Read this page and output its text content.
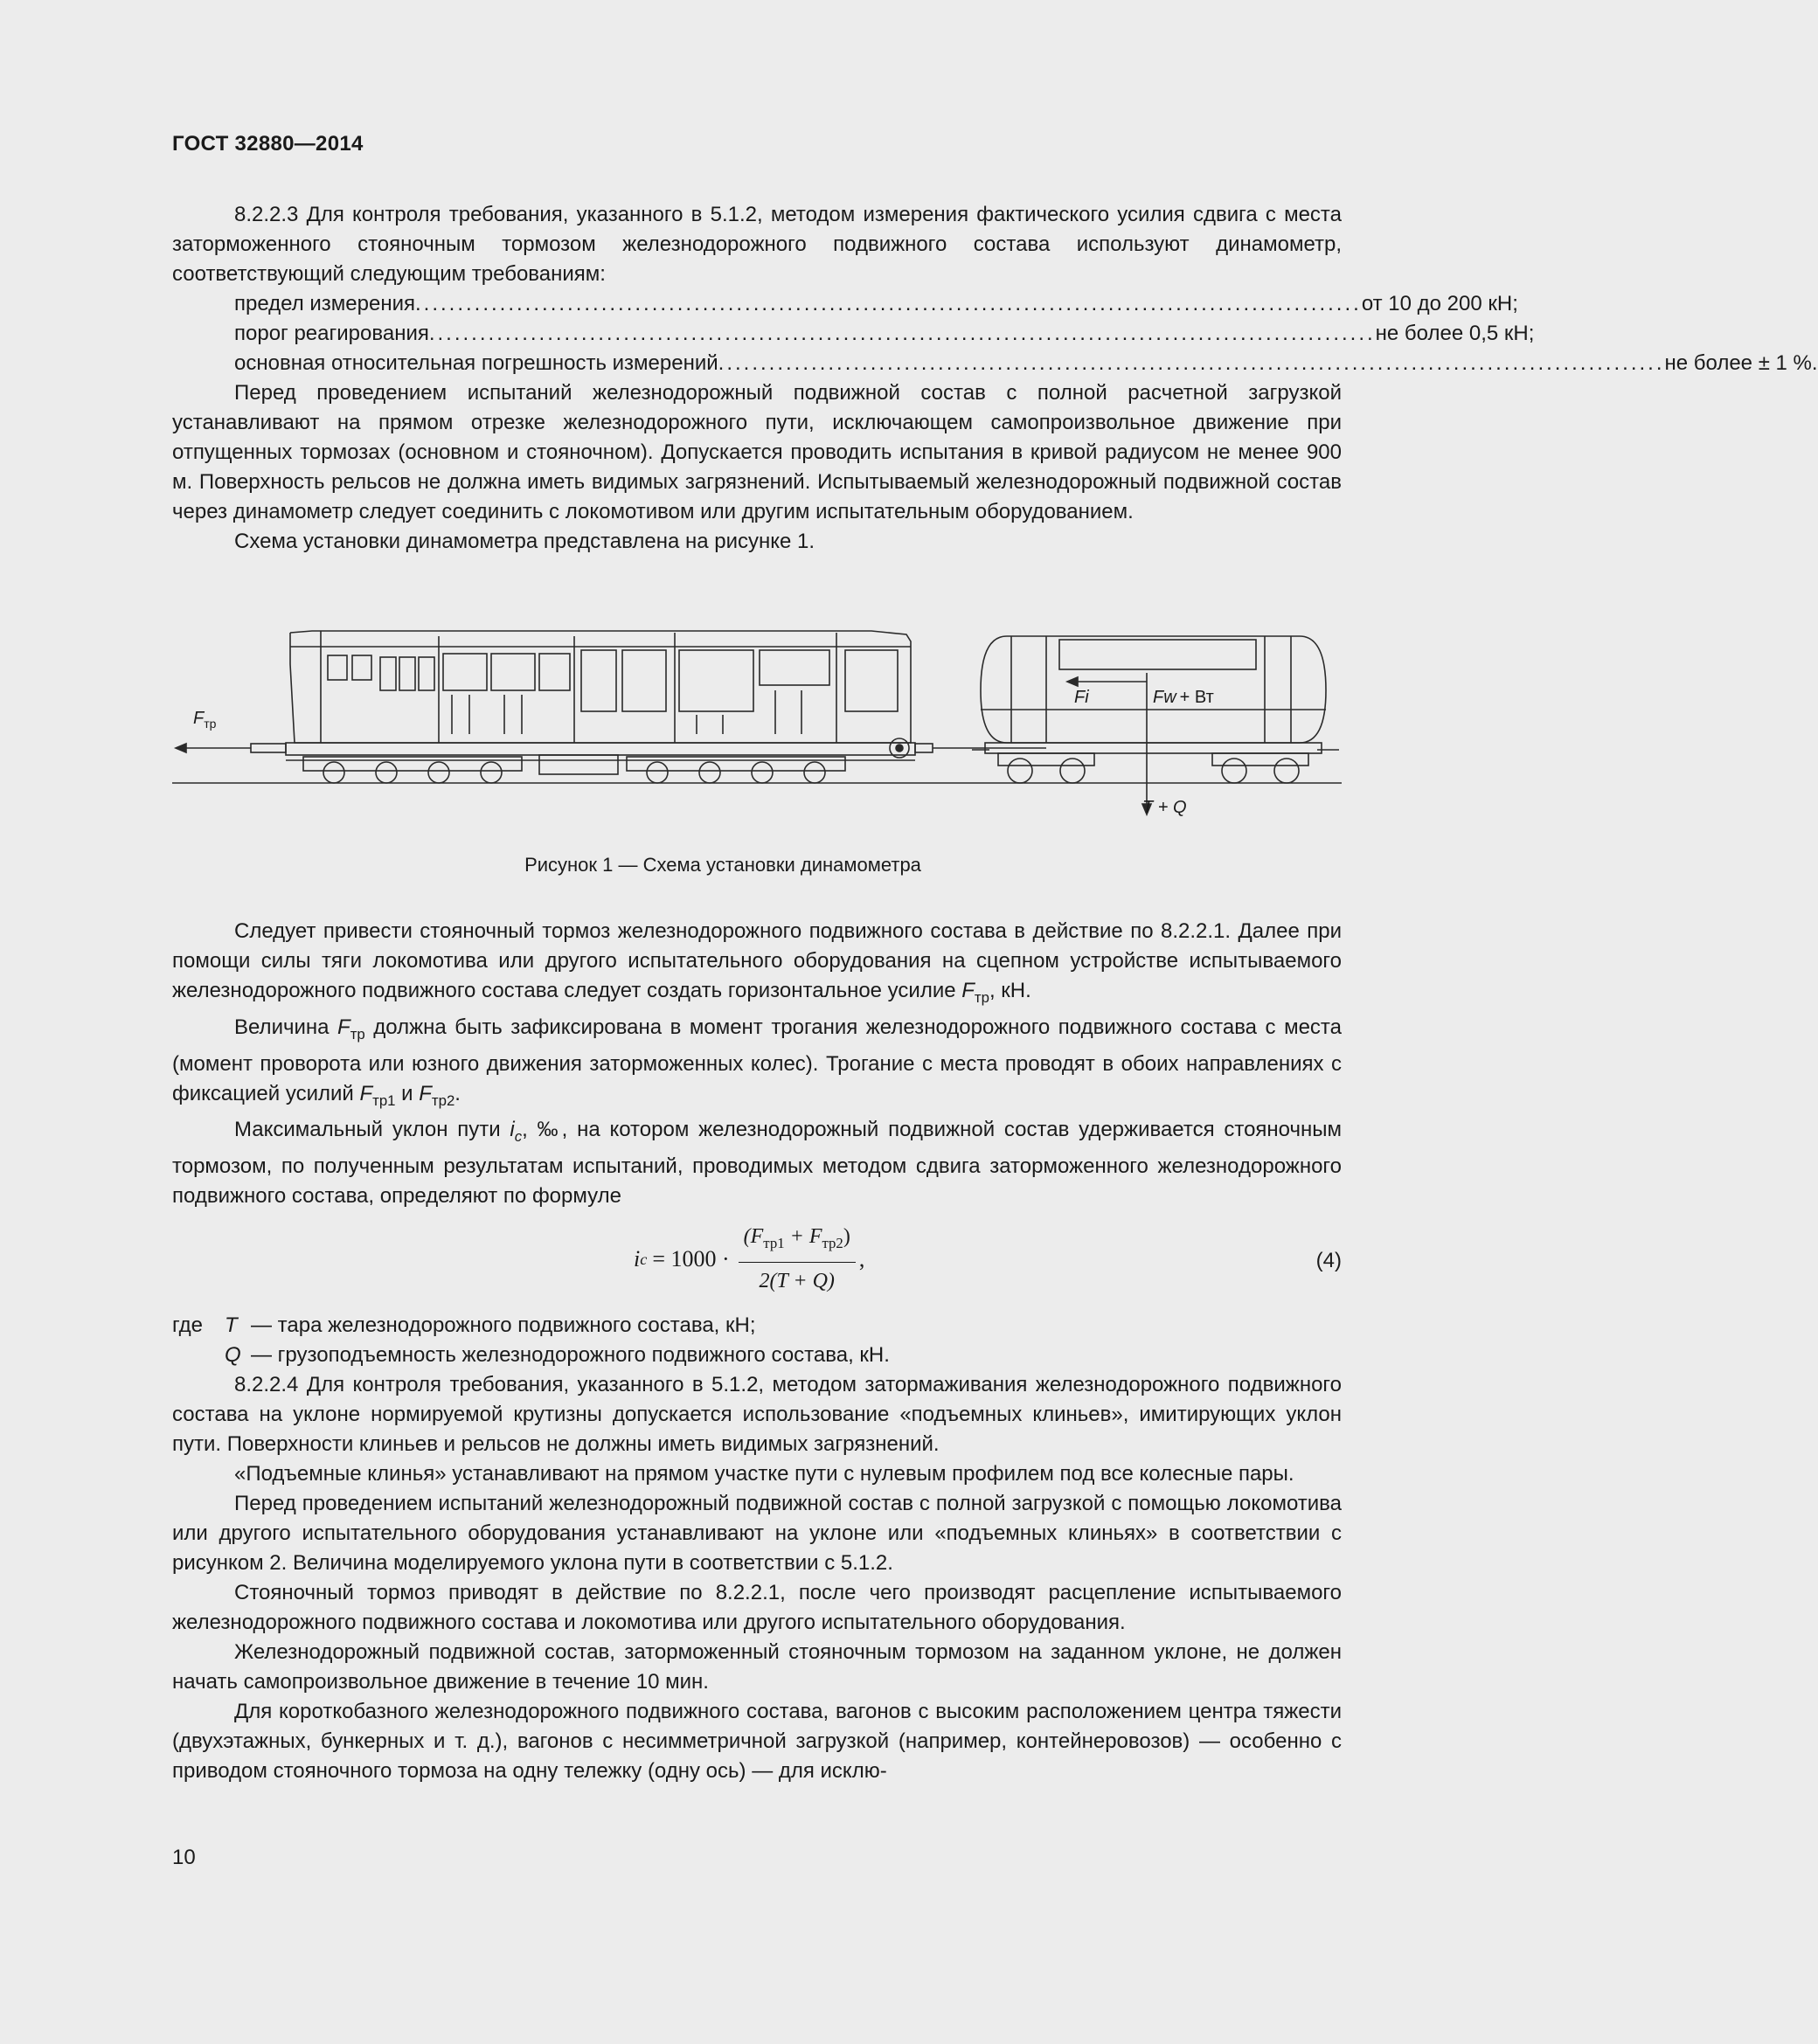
ГОСТ 32880—2014

8.2.2.3 Для контроля требования, указанного в 5.1.2, методом измерения фактического усилия сдвига с места заторможенного стояночным тормозом железнодорожного подвижного состава используют динамометр, соответствующий следующим требованиям:

предел измерения ................................................................................................................ от 10 до 200 кН;
порог реагирования ................................................................................................................ не более 0,5 кН;
основная относительная погрешность измерений ................................................................................................................ не более ± 1 %.

Перед проведением испытаний железнодорожный подвижной состав с полной расчетной загрузкой устанавливают на прямом отрезке железнодорожного пути, исключающем самопроизвольное движение при отпущенных тормозах (основном и стояночном). Допускается проводить испытания в кривой радиусом не менее 900 м. Поверхность рельсов не должна иметь видимых загрязнений. Испытываемый железнодорожный подвижной состав через динамометр следует соединить с локомотивом или другим испытательным оборудованием.

Схема установки динамометра представлена на рисунке 1.

$F_{тр}$
Fi	Fw + Вт
T + Q
Рисунок 1 — Схема установки динамометра

Следует привести стояночный тормоз железнодорожного подвижного состава в действие по 8.2.2.1. Далее при помощи силы тяги локомотива или другого испытательного оборудования на сцепном устройстве испытываемого железнодорожного подвижного состава следует создать горизонтальное усилие $F_{тр}$, кН.

Величина $F_{тр}$ должна быть зафиксирована в момент трогания железнодорожного подвижного состава с места (момент проворота или юзного движения заторможенных колес). Трогание с места проводят в обоих направлениях с фиксацией усилий $F_{тр1}$ и $F_{тр2}$.

Максимальный уклон пути $i_c$, ‰, на котором железнодорожный подвижной состав удерживается стояночным тормозом, по полученным результатам испытаний, проводимых методом сдвига заторможенного железнодорожного подвижного состава, определяют по формуле

i $c = 1000 \cdot \frac{(F_{тр1} + F_{тр2})}{2(T + Q)}$ ,	(4)
где	T — тара железнодорожного подвижного состава, кН;
Q — грузоподъемность железнодорожного подвижного состава, кН.

8.2.2.4 Для контроля требования, указанного в 5.1.2, методом затормаживания железнодорожного подвижного состава на уклоне нормируемой крутизны допускается использование «подъемных клиньев», имитирующих уклон пути. Поверхности клиньев и рельсов не должны иметь видимых загрязнений.

«Подъемные клинья» устанавливают на прямом участке пути с нулевым профилем под все колесные пары.

Перед проведением испытаний железнодорожный подвижной состав с полной загрузкой с помощью локомотива или другого испытательного оборудования устанавливают на уклоне или «подъемных клиньях» в соответствии с рисунком 2. Величина моделируемого уклона пути в соответствии с 5.1.2.

Стояночный тормоз приводят в действие по 8.2.2.1, после чего производят расцепление испытываемого железнодорожного подвижного состава и локомотива или другого испытательного оборудования.

Железнодорожный подвижной состав, заторможенный стояночным тормозом на заданном уклоне, не должен начать самопроизвольное движение в течение 10 мин.

Для короткобазного железнодорожного подвижного состава, вагонов с высоким расположением центра тяжести (двухэтажных, бункерных и т. д.), вагонов с несимметричной загрузкой (например, контейнеровозов) — особенно с приводом стояночного тормоза на одну тележку (одну ось) — для исклю-

10
